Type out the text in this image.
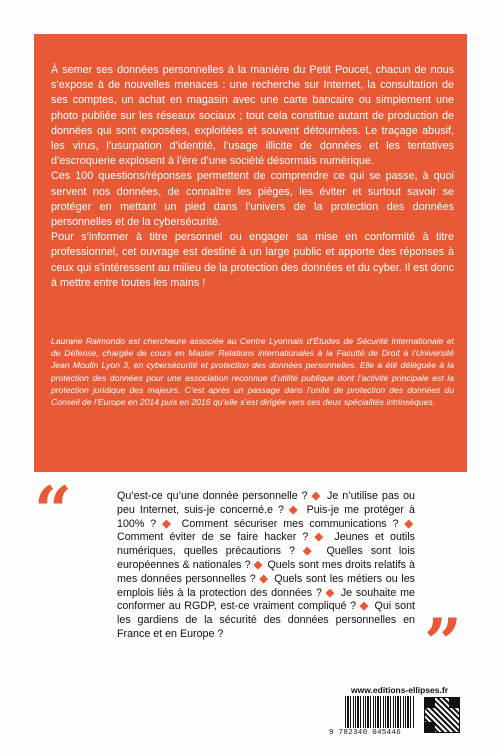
À semer ses données personnelles à la manière du Petit Poucet, chacun de nous s’expose à de nouvelles menaces : une recherche sur Internet, la consultation de ses comptes, un achat en magasin avec une carte bancaire ou simplement une photo publiée sur les réseaux sociaux ; tout cela constitue autant de production de données qui sont exposées, exploitées et souvent détournées. Le traçage abusif, les virus, l’usurpation d’identité, l’usage illicite de données et les tentatives d’escroquerie explosent à l’ère d’une société désormais numérique.

Ces 100 questions/réponses permettent de comprendre ce qui se passe, à quoi servent nos données, de connaître les pièges, les éviter et surtout savoir se protéger en mettant un pied dans l’univers de la protection des données personnelles et de la cybersécurité.

Pour s’informer à titre personnel ou engager sa mise en conformité à titre professionnel, cet ouvrage est destiné à un large public et apporte des réponses à ceux qui s’intéressent au milieu de la protection des données et du cyber. Il est donc à mettre entre toutes les mains !

Laurane Raimondo est chercheure associée au Centre Lyonnais d’Études de Sécurité Internationale et de Défense, chargée de cours en Master Relations internationales à la Faculté de Droit à l’Université Jean Moulin Lyon 3, en cybersécurité et protection des données personnelles. Elle a été déléguée à la protection des données pour une association reconnue d’utilité publique dont l’activité principale est la protection juridique des majeurs. C’est après un passage dans l’unité de protection des données du Conseil de l’Europe en 2014 puis en 2016 qu’elle s’est dirigée vers ces deux spécialités intrinsèques.

“	Qu’est-ce qu’une donnée personnelle ? ◆ Je n’utilise pas ou peu Internet, suis-je concerné.e ? ◆ Puis-je me protéger à 100% ? ◆ Comment sécuriser mes communications ? ◆ Comment éviter de se faire hacker ? ◆ Jeunes et outils numériques, quelles précautions ? ◆ Quelles sont lois européennes & nationales ? ◆ Quels sont mes droits relatifs à mes données personnelles ? ◆ Quels sont les métiers ou les emplois liés à la protection des données ? ◆ Je souhaite me conformer au RGDP, est-ce vraiment compliqué ? ◆ Qui sont les gardiens de la sécurité des données personnelles en France et en Europe ?	”
www.editions-ellipses.fr
9 782340 045446
